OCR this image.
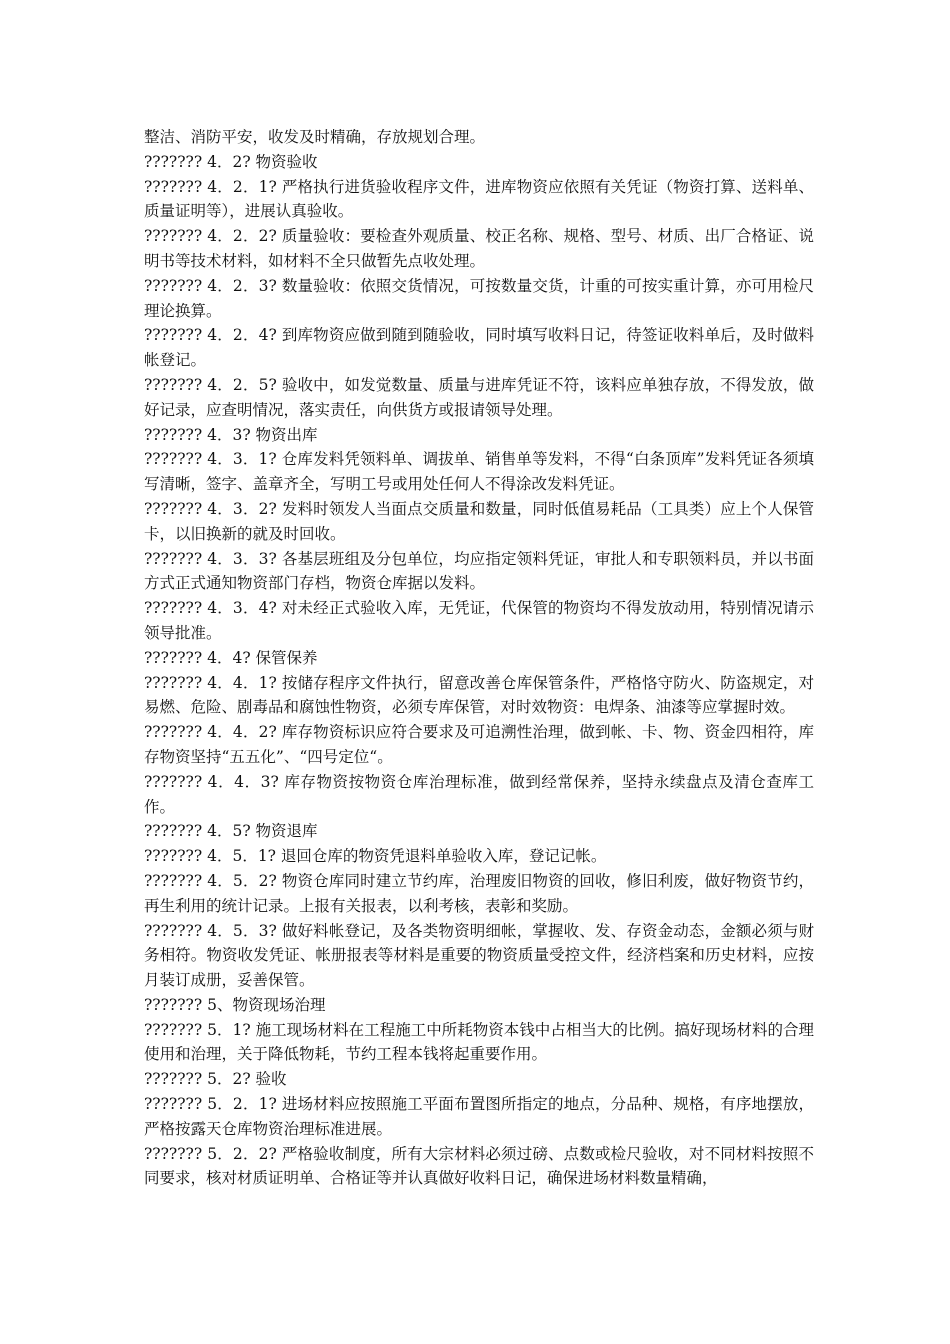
整洁、消防平安，收发及时精确，存放规划合理。

??????? 4．2? 物资验收

??????? 4．2．1? 严格执行进货验收程序文件，进库物资应依照有关凭证（物资打算、送料单、质量证明等），进展认真验收。

??????? 4．2．2? 质量验收：要检查外观质量、校正名称、规格、型号、材质、出厂合格证、说明书等技术材料，如材料不全只做暂先点收处理。

??????? 4．2．3? 数量验收：依照交货情况，可按数量交货，计重的可按实重计算，亦可用检尺理论换算。

??????? 4．2．4? 到库物资应做到随到随验收，同时填写收料日记，待签证收料单后，及时做料帐登记。

??????? 4．2．5? 验收中，如发觉数量、质量与进库凭证不符，该料应单独存放，不得发放，做好记录，应查明情况，落实责任，向供货方或报请领导处理。

??????? 4．3? 物资出库

??????? 4．3．1? 仓库发料凭领料单、调拔单、销售单等发料，不得“白条顶库”发料凭证各须填写清晰，签字、盖章齐全，写明工号或用处任何人不得涂改发料凭证。

??????? 4．3．2? 发料时领发人当面点交质量和数量，同时低值易耗品（工具类）应上个人保管卡，以旧换新的就及时回收。

??????? 4．3．3? 各基层班组及分包单位，均应指定领料凭证，审批人和专职领料员，并以书面方式正式通知物资部门存档，物资仓库据以发料。

??????? 4．3．4? 对未经正式验收入库，无凭证，代保管的物资均不得发放动用，特别情况请示领导批准。

??????? 4．4? 保管保养

??????? 4．4．1? 按储存程序文件执行，留意改善仓库保管条件，严格恪守防火、防盗规定，对易燃、危险、剧毒品和腐蚀性物资，必须专库保管，对时效物资：电焊条、油漆等应掌握时效。

??????? 4．4．2? 库存物资标识应符合要求及可追溯性治理，做到帐、卡、物、资金四相符，库存物资坚持“五五化”、“四号定位“。

??????? 4．4．3? 库存物资按物资仓库治理标准，做到经常保养，坚持永续盘点及清仓查库工作。

??????? 4．5? 物资退库

??????? 4．5．1? 退回仓库的物资凭退料单验收入库，登记记帐。

??????? 4．5．2? 物资仓库同时建立节约库，治理废旧物资的回收，修旧利废，做好物资节约，再生利用的统计记录。上报有关报表，以利考核，表彰和奖励。

??????? 4．5．3? 做好料帐登记，及各类物资明细帐，掌握收、发、存资金动态，金额必须与财务相符。物资收发凭证、帐册报表等材料是重要的物资质量受控文件，经济档案和历史材料，应按月装订成册，妥善保管。

??????? 5、物资现场治理

??????? 5．1? 施工现场材料在工程施工中所耗物资本钱中占相当大的比例。搞好现场材料的合理使用和治理，关于降低物耗，节约工程本钱将起重要作用。

??????? 5．2? 验收

??????? 5．2．1? 进场材料应按照施工平面布置图所指定的地点，分品种、规格，有序地摆放，严格按露天仓库物资治理标准进展。

??????? 5．2．2? 严格验收制度，所有大宗材料必须过磅、点数或检尺验收，对不同材料按照不同要求，核对材质证明单、合格证等并认真做好收料日记，确保进场材料数量精确，
